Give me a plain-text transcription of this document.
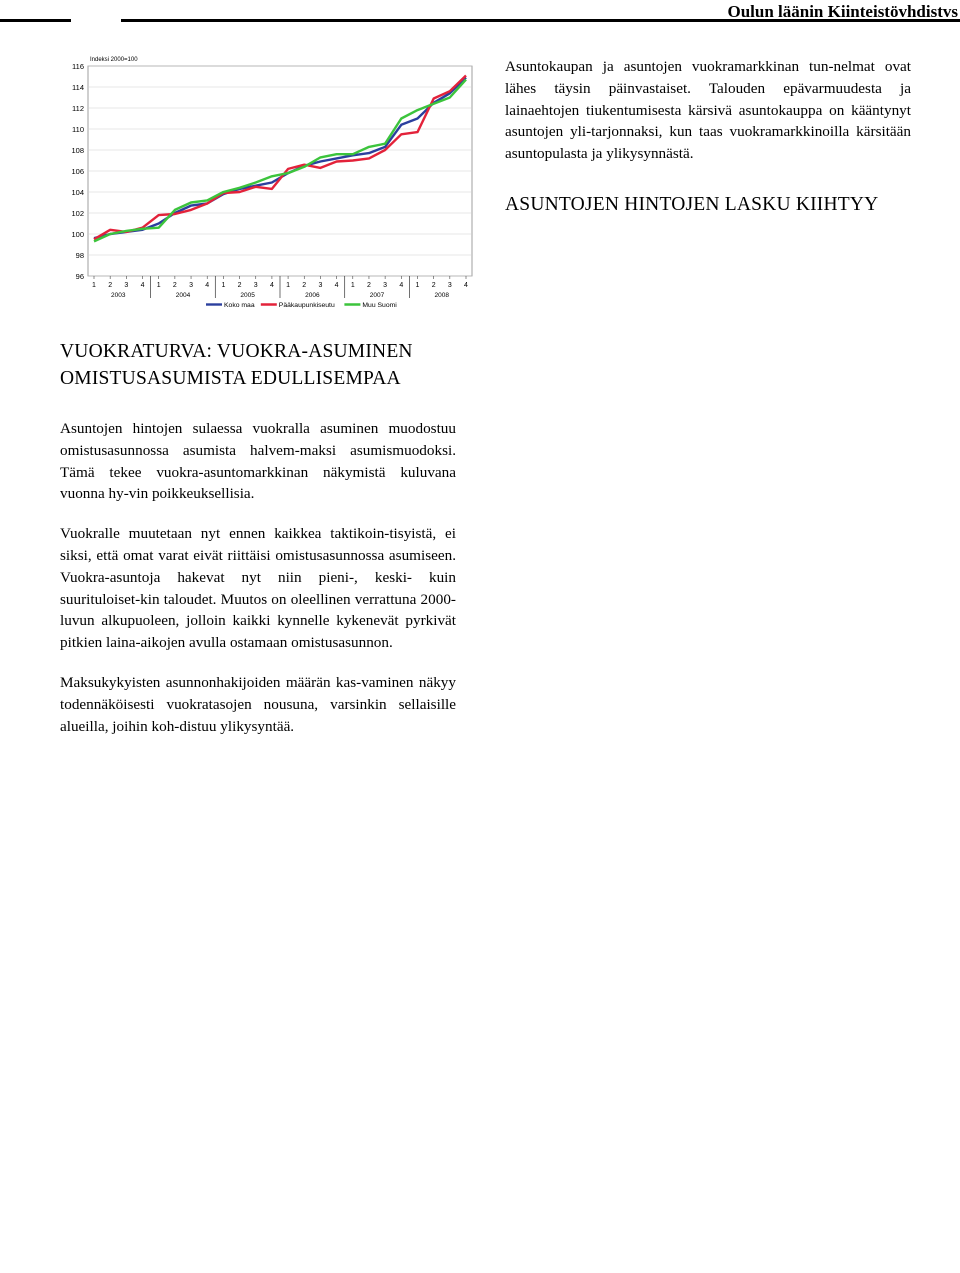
Oulun läänin Kiinteistövhdistvs
96
98
100
102
104
106
108
110
112
114
116
Indeksi 2000=100
1 2 3 4 1 2 3 4 1 2 3 4 1 2 3 4 1 2 3 4 1 2 3 4
2003	2004	2005	2006	2007	2008
Koko maa	Pääkaupunkiseutu	Muu Suomi
VUOKRATURVA: VUOKRA-ASUMINEN OMISTUSASUMISTA EDULLISEMPAA

Asuntojen hintojen sulaessa vuokralla asuminen muodostuu omistusasunnossa asumista halvem-maksi asumismuodoksi. Tämä tekee vuokra-asuntomarkkinan näkymistä kuluvana vuonna hy-vin poikkeuksellisia.

Vuokralle muutetaan nyt ennen kaikkea taktikoin-tisyistä, ei siksi, että omat varat eivät riittäisi omistusasunnossa asumiseen. Vuokra-asuntoja hakevat nyt niin pieni-, keski- kuin suurituloiset-kin taloudet. Muutos on oleellinen verrattuna 2000-luvun alkupuoleen, jolloin kaikki kynnelle kykenevät pyrkivät pitkien laina-aikojen avulla ostamaan omistusasunnon.

Maksukykyisten asunnonhakijoiden määrän kas-vaminen näkyy todennäköisesti vuokratasojen nousuna, varsinkin sellaisille alueilla, joihin koh-distuu ylikysyntää.

Asuntokaupan ja asuntojen vuokramarkkinan tun-nelmat ovat lähes täysin päinvastaiset. Talouden epävarmuudesta ja lainaehtojen tiukentumisesta kärsivä asuntokauppa on kääntynyt asuntojen yli-tarjonnaksi, kun taas vuokramarkkinoilla kärsitään asuntopulasta ja ylikysynnästä.

ASUNTOJEN HINTOJEN LASKU KIIHTYY
